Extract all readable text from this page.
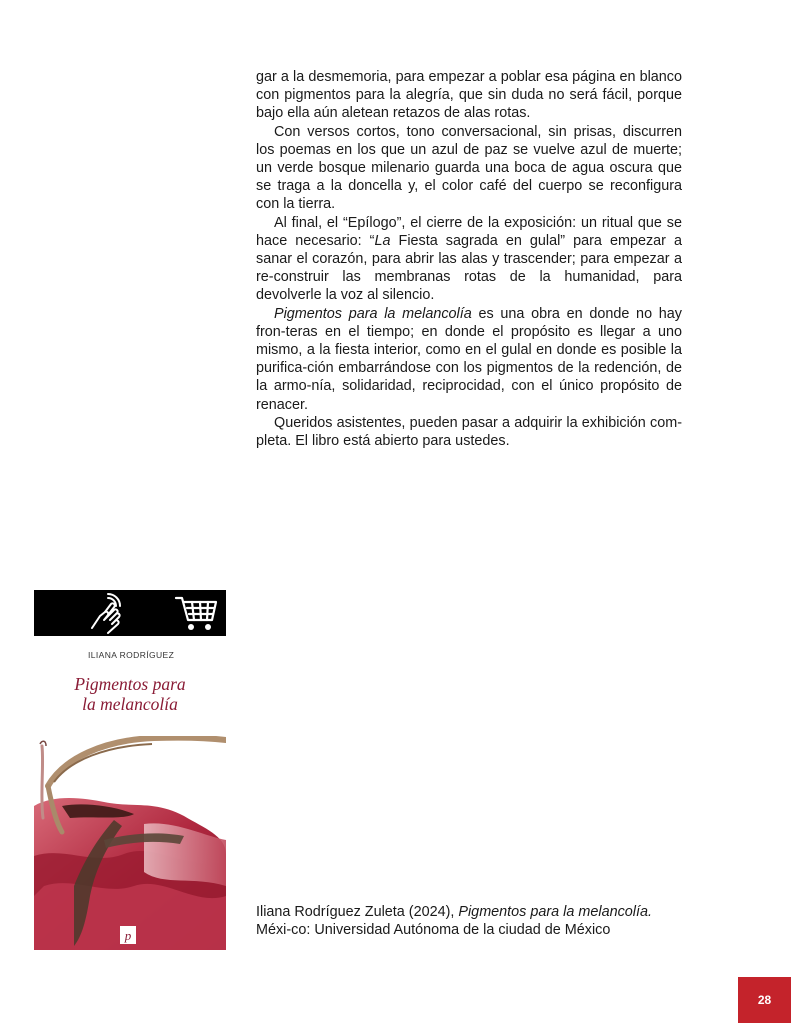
gar a la desmemoria, para empezar a poblar esa página en blanco con pigmentos para la alegría, que sin duda no será fácil, porque bajo ella aún aletean retazos de alas rotas.

Con versos cortos, tono conversacional, sin prisas, discurren los poemas en los que un azul de paz se vuelve azul de muerte; un verde bosque milenario guarda una boca de agua oscura que se traga a la doncella y, el color café del cuerpo se reconfigura con la tierra.

Al final, el “Epílogo”, el cierre de la exposición: un ritual que se hace necesario: “La Fiesta sagrada en gulal” para empezar a sanar el corazón, para abrir las alas y trascender; para empezar a re-construir las membranas rotas de la humanidad, para devolverle la voz al silencio.

Pigmentos para la melancolía es una obra en donde no hay fron-teras en el tiempo; en donde el propósito es llegar a uno mismo, a la fiesta interior, como en el gulal en donde es posible la purifica-ción embarrándose con los pigmentos de la redención, de la armo-nía, solidaridad, reciprocidad, con el único propósito de renacer.

Queridos asistentes, pueden pasar a adquirir la exhibición com-pleta. El libro está abierto para ustedes.

ILIANA RODRÍGUEZ
Pigmentos para
la melancolía
p
Iliana Rodríguez Zuleta (2024), Pigmentos para la melancolía. Méxi-co: Universidad Autónoma de la ciudad de México
28
